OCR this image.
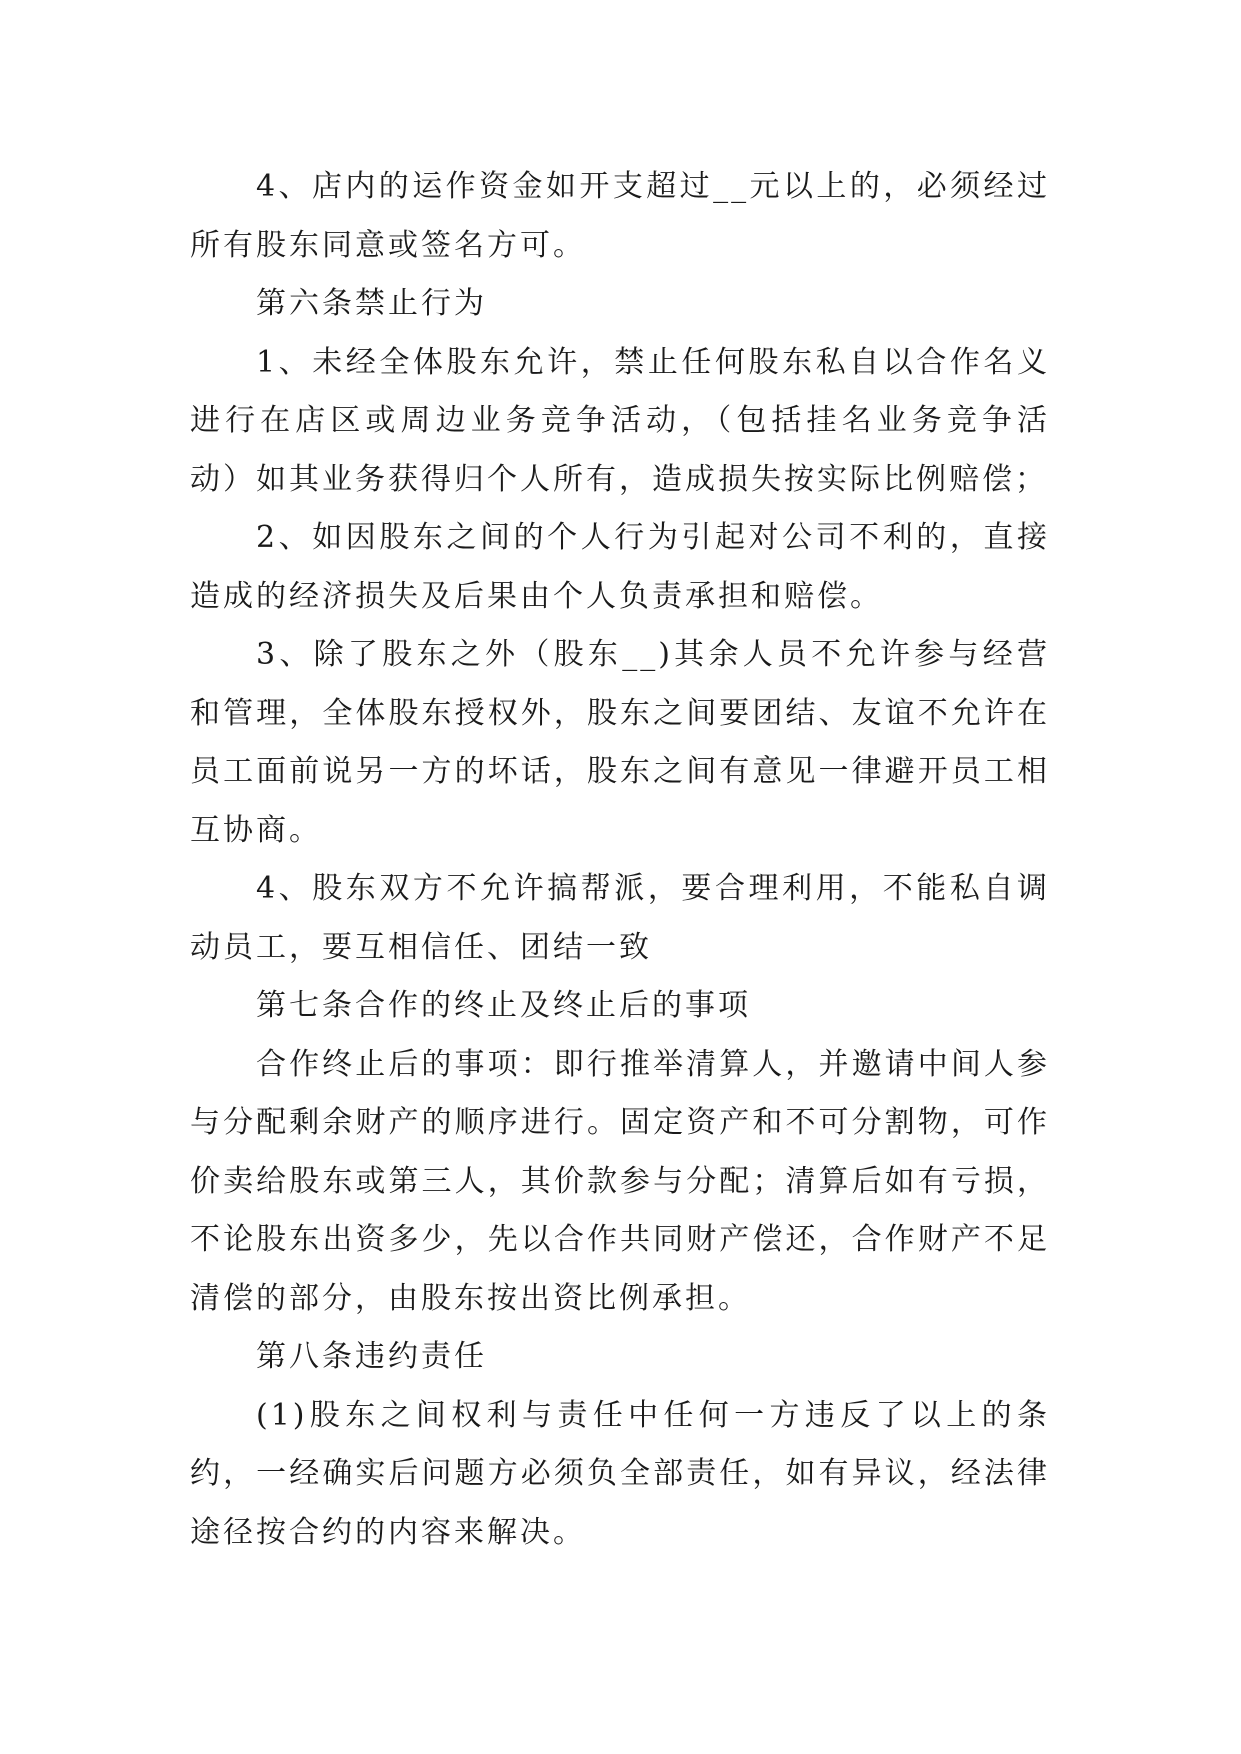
4、店内的运作资金如开支超过__元以上的，必须经过所有股东同意或签名方可。

第六条禁止行为

1、未经全体股东允许，禁止任何股东私自以合作名义进行在店区或周边业务竞争活动，（包括挂名业务竞争活动）如其业务获得归个人所有，造成损失按实际比例赔偿；

2、如因股东之间的个人行为引起对公司不利的，直接造成的经济损失及后果由个人负责承担和赔偿。

3、除了股东之外（股东__)其余人员不允许参与经营和管理，全体股东授权外，股东之间要团结、友谊不允许在员工面前说另一方的坏话，股东之间有意见一律避开员工相互协商。

4、股东双方不允许搞帮派，要合理利用，不能私自调动员工，要互相信任、团结一致

第七条合作的终止及终止后的事项

合作终止后的事项：即行推举清算人，并邀请中间人参与分配剩余财产的顺序进行。固定资产和不可分割物，可作价卖给股东或第三人，其价款参与分配；清算后如有亏损，不论股东出资多少，先以合作共同财产偿还，合作财产不足清偿的部分，由股东按出资比例承担。

第八条违约责任

(1)股东之间权利与责任中任何一方违反了以上的条约，一经确实后问题方必须负全部责任，如有异议，经法律途径按合约的内容来解决。
